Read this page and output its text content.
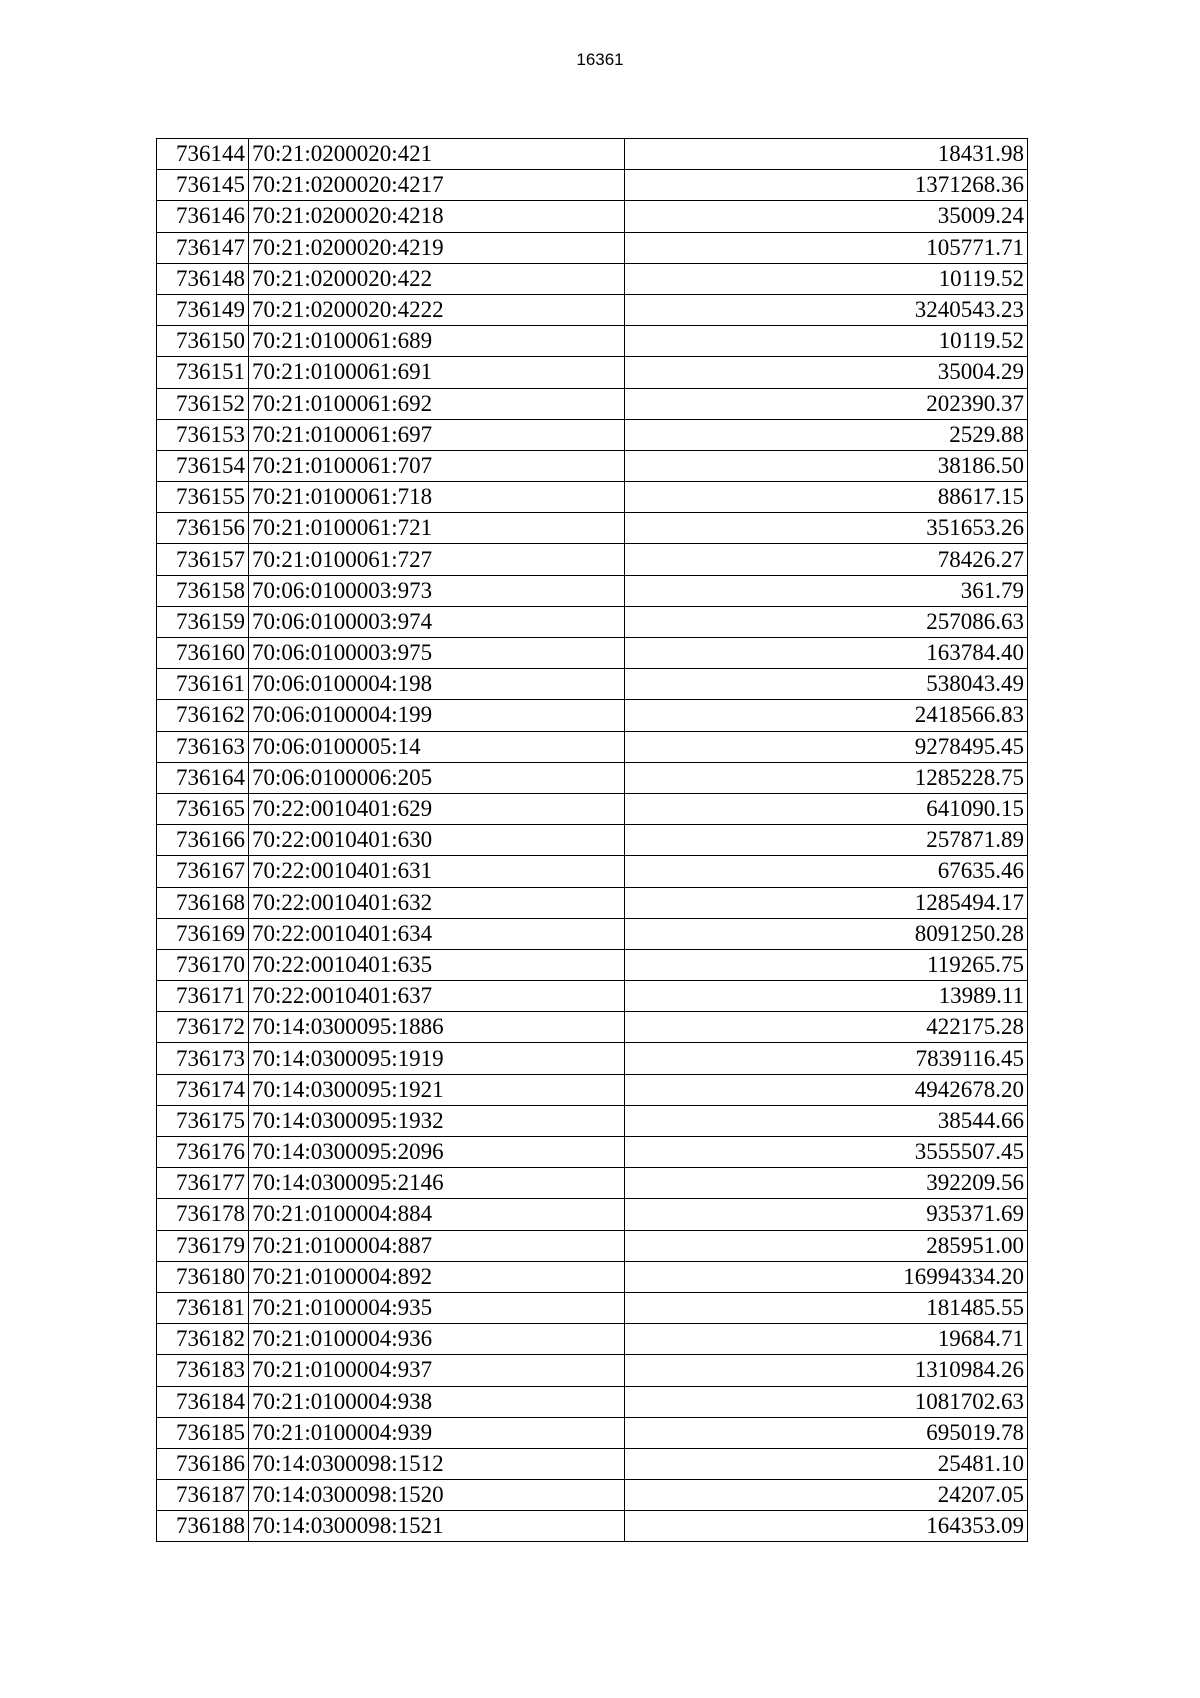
16361
736144	70:21:0200020:421	18431.98
736145	70:21:0200020:4217	1371268.36
736146	70:21:0200020:4218	35009.24
736147	70:21:0200020:4219	105771.71
736148	70:21:0200020:422	10119.52
736149	70:21:0200020:4222	3240543.23
736150	70:21:0100061:689	10119.52
736151	70:21:0100061:691	35004.29
736152	70:21:0100061:692	202390.37
736153	70:21:0100061:697	2529.88
736154	70:21:0100061:707	38186.50
736155	70:21:0100061:718	88617.15
736156	70:21:0100061:721	351653.26
736157	70:21:0100061:727	78426.27
736158	70:06:0100003:973	361.79
736159	70:06:0100003:974	257086.63
736160	70:06:0100003:975	163784.40
736161	70:06:0100004:198	538043.49
736162	70:06:0100004:199	2418566.83
736163	70:06:0100005:14	9278495.45
736164	70:06:0100006:205	1285228.75
736165	70:22:0010401:629	641090.15
736166	70:22:0010401:630	257871.89
736167	70:22:0010401:631	67635.46
736168	70:22:0010401:632	1285494.17
736169	70:22:0010401:634	8091250.28
736170	70:22:0010401:635	119265.75
736171	70:22:0010401:637	13989.11
736172	70:14:0300095:1886	422175.28
736173	70:14:0300095:1919	7839116.45
736174	70:14:0300095:1921	4942678.20
736175	70:14:0300095:1932	38544.66
736176	70:14:0300095:2096	3555507.45
736177	70:14:0300095:2146	392209.56
736178	70:21:0100004:884	935371.69
736179	70:21:0100004:887	285951.00
736180	70:21:0100004:892	16994334.20
736181	70:21:0100004:935	181485.55
736182	70:21:0100004:936	19684.71
736183	70:21:0100004:937	1310984.26
736184	70:21:0100004:938	1081702.63
736185	70:21:0100004:939	695019.78
736186	70:14:0300098:1512	25481.10
736187	70:14:0300098:1520	24207.05
736188	70:14:0300098:1521	164353.09
